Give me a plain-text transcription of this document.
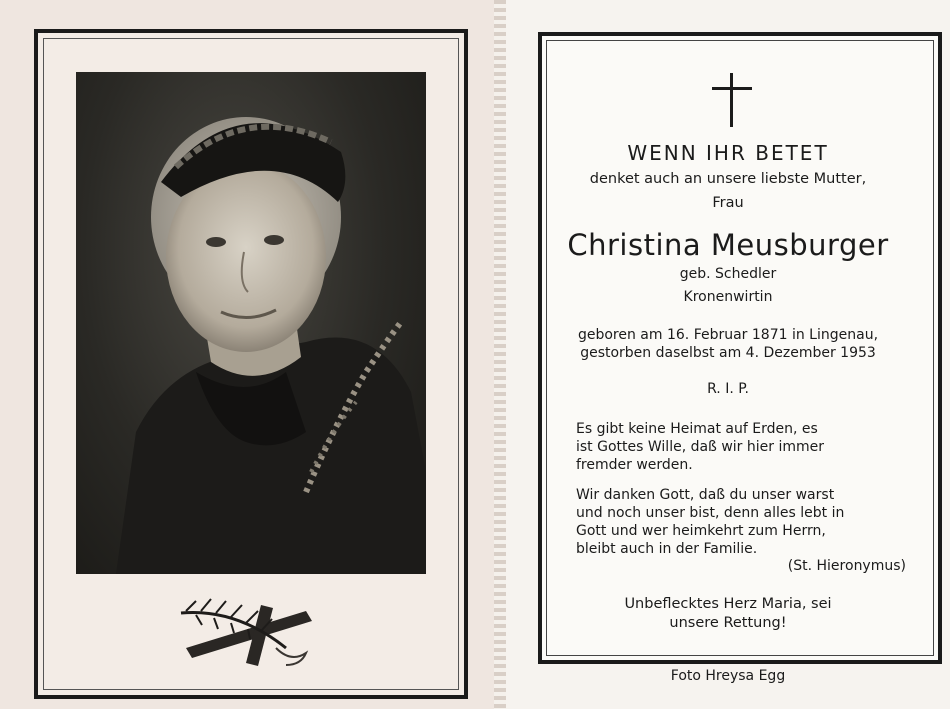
WENN IHR BETET
denket auch an unsere liebste Mutter,
Frau
Christina Meusburger
geb. Schedler
Kronenwirtin
geboren am 16. Februar 1871 in Lingenau,
gestorben daselbst am 4. Dezember 1953
R. I. P.
Es gibt keine Heimat auf Erden, es
ist Gottes Wille, daß wir hier immer
fremder werden.
Wir danken Gott, daß du unser warst
und noch unser bist, denn alles lebt in
Gott und wer heimkehrt zum Herrn,
bleibt auch in der Familie.
(St. Hieronymus)
Unbeflecktes Herz Maria, sei
unsere Rettung!
Foto Hreysa Egg
